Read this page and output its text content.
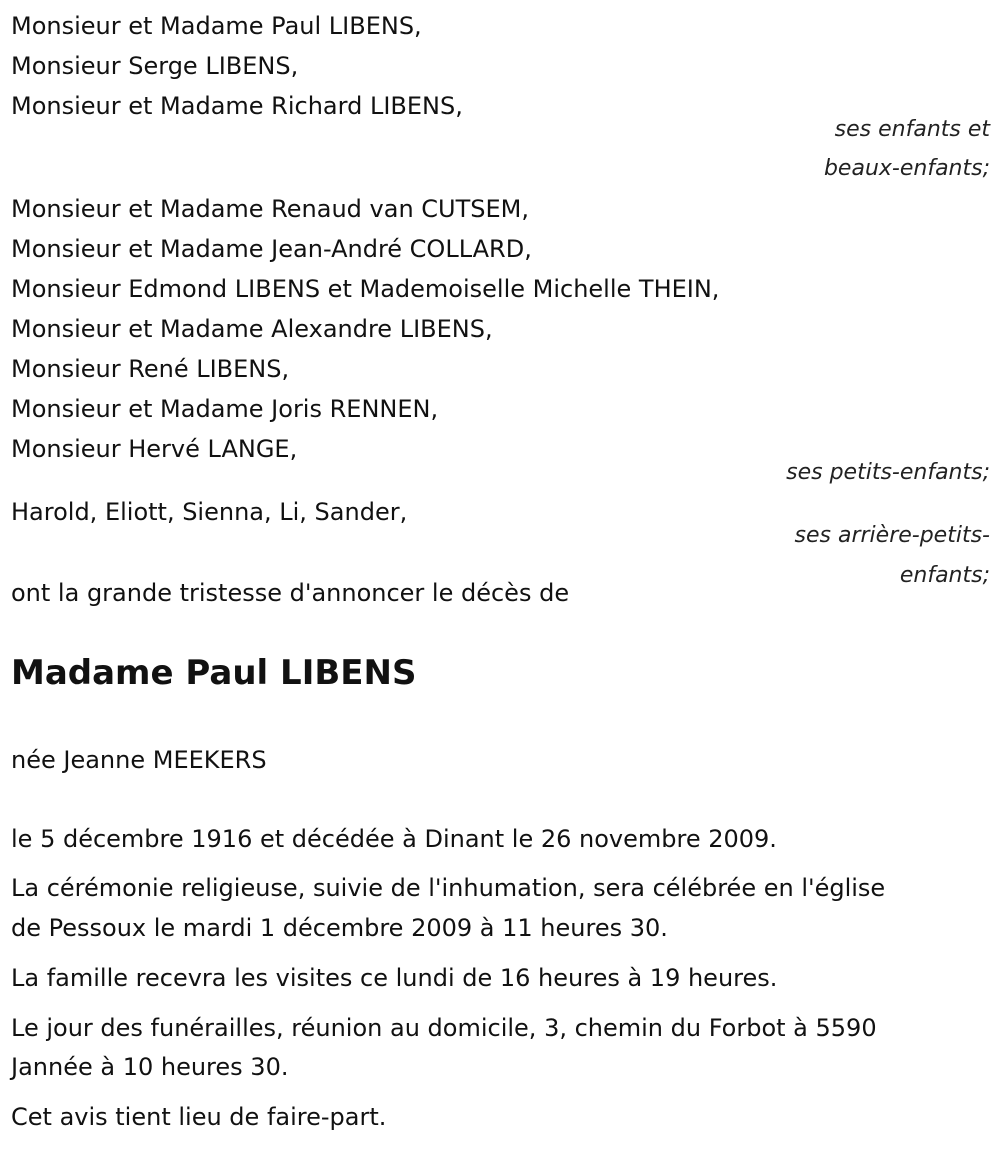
Monsieur et Madame Paul LIBENS,
Monsieur Serge LIBENS,
Monsieur et Madame Richard LIBENS,
ses enfants et
beaux-enfants;
Monsieur et Madame Renaud van CUTSEM,
Monsieur et Madame Jean-André COLLARD,
Monsieur Edmond LIBENS et Mademoiselle Michelle THEIN,
Monsieur et Madame Alexandre LIBENS,
Monsieur René LIBENS,
Monsieur et Madame Joris RENNEN,
Monsieur Hervé LANGE,
ses petits-enfants;
Harold, Eliott, Sienna, Li, Sander,
ses arrière-petits-
enfants;
ont la grande tristesse d'annoncer le décès de
Madame Paul LIBENS
née Jeanne MEEKERS
le 5 décembre 1916 et décédée à Dinant le 26 novembre 2009.
La cérémonie religieuse, suivie de l'inhumation, sera célébrée en l'église
de Pessoux le mardi 1 décembre 2009 à 11 heures 30.
La famille recevra les visites ce lundi de 16 heures à 19 heures.
Le jour des funérailles, réunion au domicile, 3, chemin du Forbot à 5590
Jannée à 10 heures 30.
Cet avis tient lieu de faire-part.
